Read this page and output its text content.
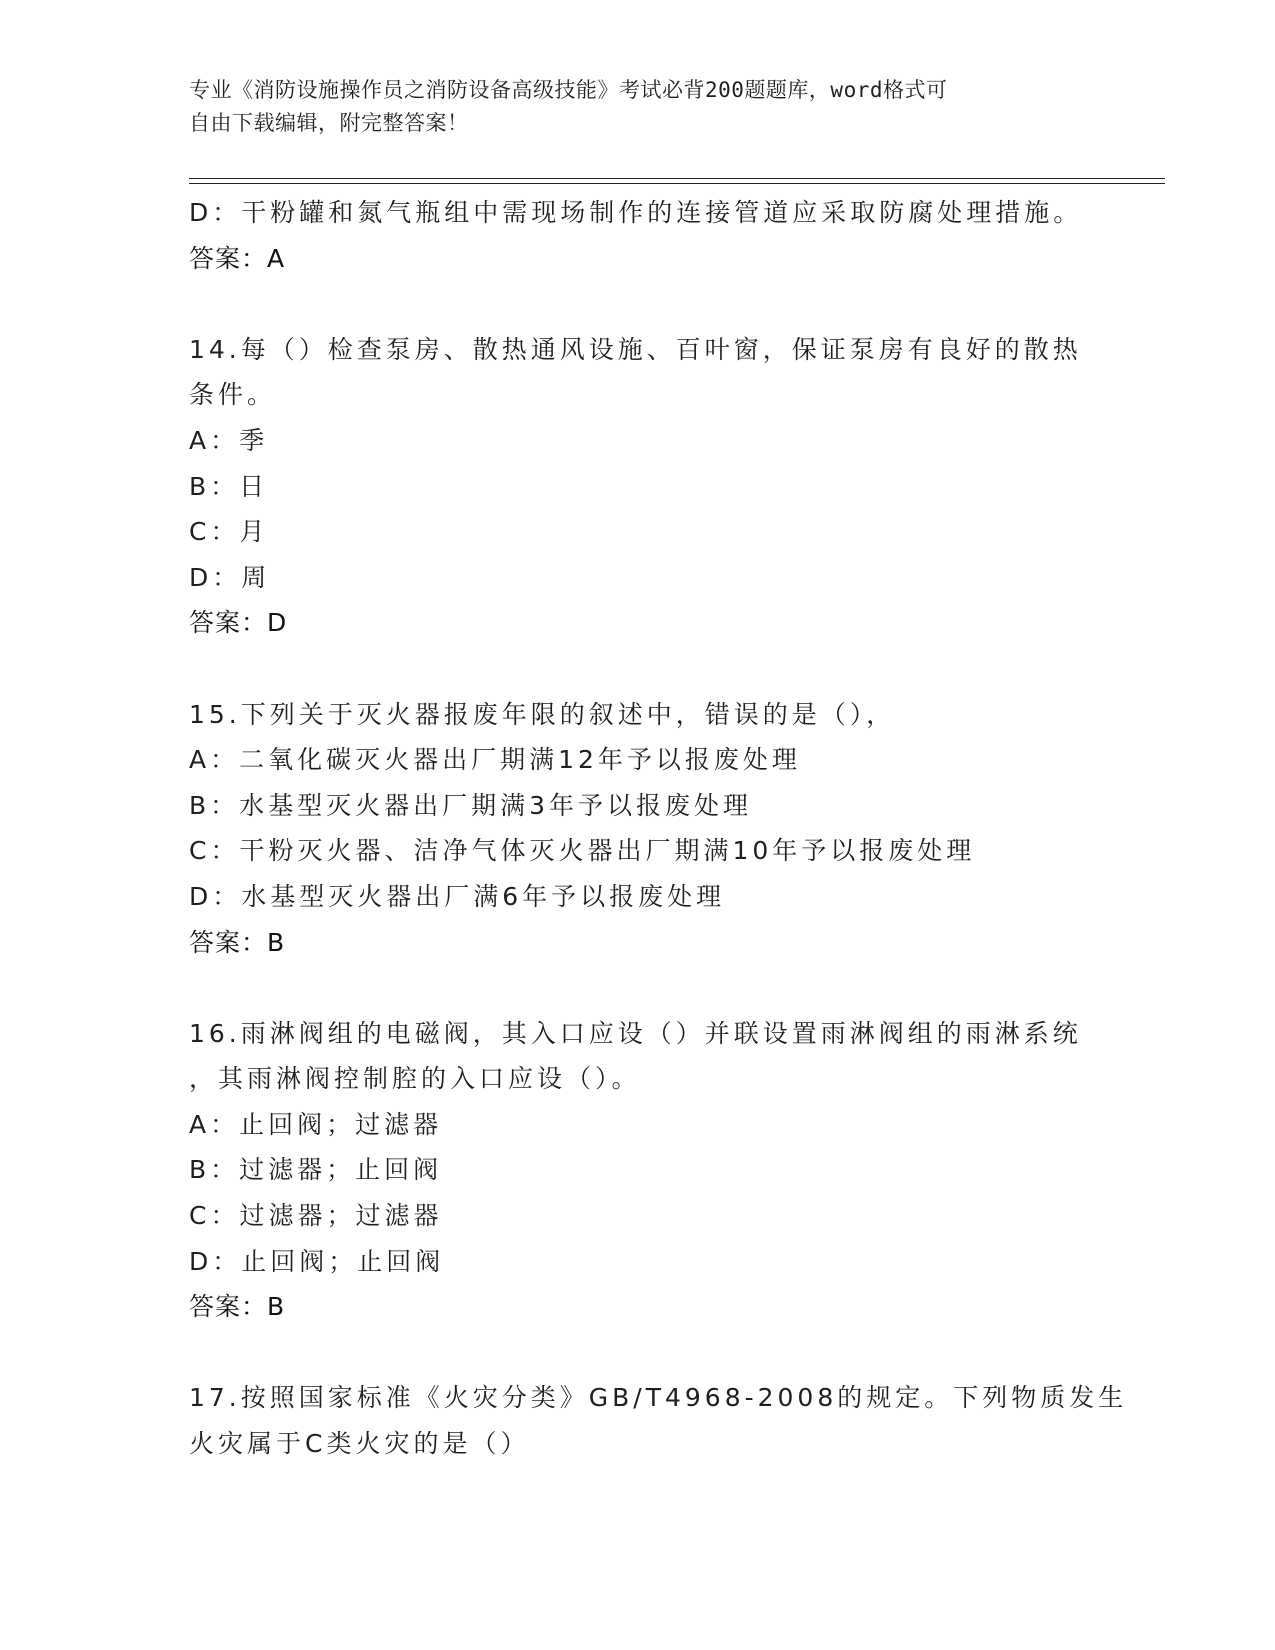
专业《消防设施操作员之消防设备高级技能》考试必背200题题库，word格式可
自由下载编辑，附完整答案！
D：干粉罐和氮气瓶组中需现场制作的连接管道应采取防腐处理措施。
答案：A
14.每（）检查泵房、散热通风设施、百叶窗，保证泵房有良好的散热
条件。
A：季
B：日
C：月
D：周
答案：D
15.下列关于灭火器报废年限的叙述中，错误的是（），
A：二氧化碳灭火器出厂期满12年予以报废处理
B：水基型灭火器出厂期满3年予以报废处理
C：干粉灭火器、洁净气体灭火器出厂期满10年予以报废处理
D：水基型灭火器出厂满6年予以报废处理
答案：B
16.雨淋阀组的电磁阀，其入口应设（）并联设置雨淋阀组的雨淋系统
，其雨淋阀控制腔的入口应设（）。
A：止回阀；过滤器
B：过滤器；止回阀
C：过滤器；过滤器
D：止回阀；止回阀
答案：B
17.按照国家标准《火灾分类》GB/T4968-2008的规定。下列物质发生
火灾属于C类火灾的是（）
